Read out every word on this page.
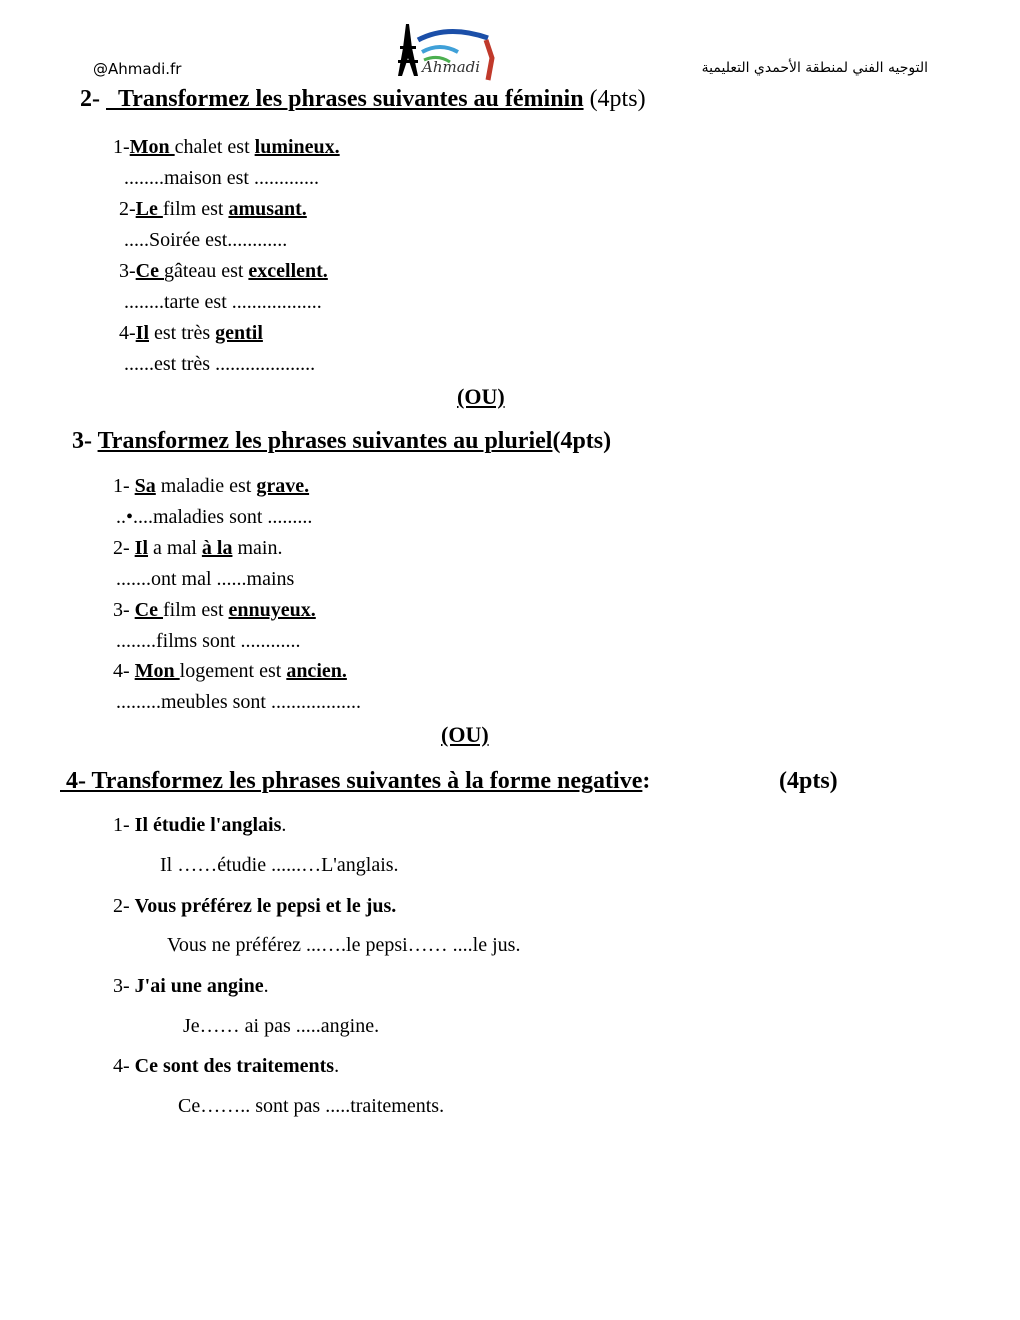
@Ahmadi.fr	التوجيه الفني لمنطقة الأحمدي التعليمية
Ahmadi
2-   Transformez les phrases suivantes au féminin (4pts)
1-Mon chalet est lumineux.
........maison est .............
2-Le film est amusant.
.....Soirée est............
3-Ce gâteau est excellent.
........tarte est ..................
4-Il est très gentil
......est très ....................
(OU)
3- Transformez les phrases suivantes au pluriel(4pts)
1- Sa maladie est grave.
..•....maladies sont .........
2- Il a mal à la main.
.......ont mal ......mains
3- Ce film est ennuyeux.
........films sont ............
4- Mon logement est ancien.
.........meubles sont ..................
(OU)
4- Transformez les phrases suivantes à la forme negative:	(4pts)
1- Il étudie l'anglais.
Il ……étudie ......…L'anglais.
2- Vous préférez le pepsi et le jus.
Vous ne préférez ...….le pepsi…… ....le jus.
3- J'ai une angine.
Je…… ai pas .....angine.
4- Ce sont des traitements.
Ce…….. sont pas .....traitements.
